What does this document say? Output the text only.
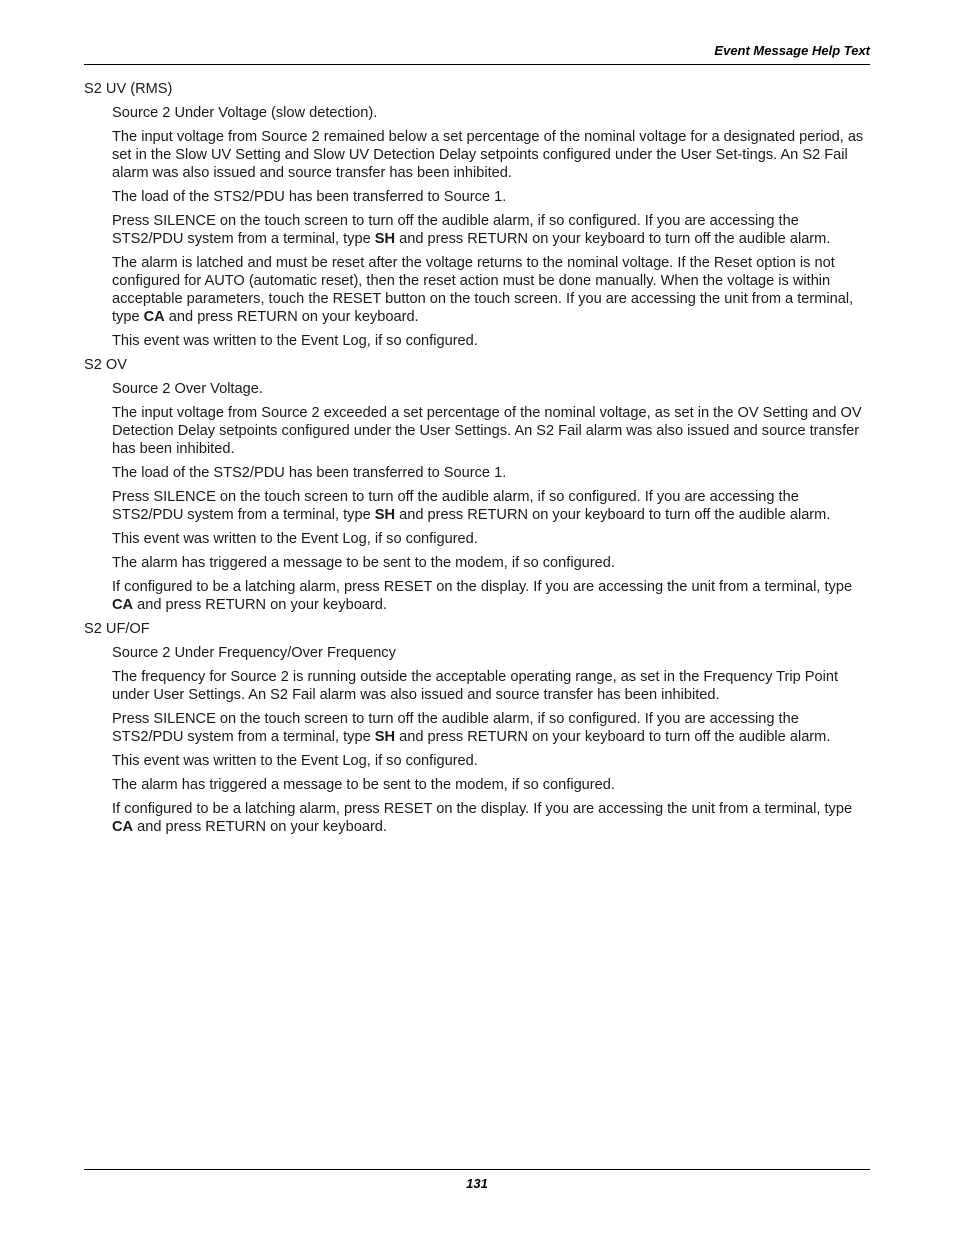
Event Message Help Text
S2 UV (RMS)

Source 2 Under Voltage (slow detection).

The input voltage from Source 2 remained below a set percentage of the nominal voltage for a designated period, as set in the Slow UV Setting and Slow UV Detection Delay setpoints configured under the User Set-tings. An S2 Fail alarm was also issued and source transfer has been inhibited.

The load of the STS2/PDU has been transferred to Source 1.

Press SILENCE on the touch screen to turn off the audible alarm, if so configured. If you are accessing the STS2/PDU system from a terminal, type SH and press RETURN on your keyboard to turn off the audible alarm.

The alarm is latched and must be reset after the voltage returns to the nominal voltage. If the Reset option is not configured for AUTO (automatic reset), then the reset action must be done manually. When the voltage is within acceptable parameters, touch the RESET button on the touch screen. If you are accessing the unit from a terminal, type CA and press RETURN on your keyboard.

This event was written to the Event Log, if so configured.

S2 OV

Source 2 Over Voltage.

The input voltage from Source 2 exceeded a set percentage of the nominal voltage, as set in the OV Setting and OV Detection Delay setpoints configured under the User Settings. An S2 Fail alarm was also issued and source transfer has been inhibited.

The load of the STS2/PDU has been transferred to Source 1.

Press SILENCE on the touch screen to turn off the audible alarm, if so configured. If you are accessing the STS2/PDU system from a terminal, type SH and press RETURN on your keyboard to turn off the audible alarm.

This event was written to the Event Log, if so configured.

The alarm has triggered a message to be sent to the modem, if so configured.

If configured to be a latching alarm, press RESET on the display. If you are accessing the unit from a terminal, type CA and press RETURN on your keyboard.

S2 UF/OF

Source 2 Under Frequency/Over Frequency

The frequency for Source 2 is running outside the acceptable operating range, as set in the Frequency Trip Point under User Settings. An S2 Fail alarm was also issued and source transfer has been inhibited.

Press SILENCE on the touch screen to turn off the audible alarm, if so configured. If you are accessing the STS2/PDU system from a terminal, type SH and press RETURN on your keyboard to turn off the audible alarm.

This event was written to the Event Log, if so configured.

The alarm has triggered a message to be sent to the modem, if so configured.

If configured to be a latching alarm, press RESET on the display. If you are accessing the unit from a terminal, type CA and press RETURN on your keyboard.

131
